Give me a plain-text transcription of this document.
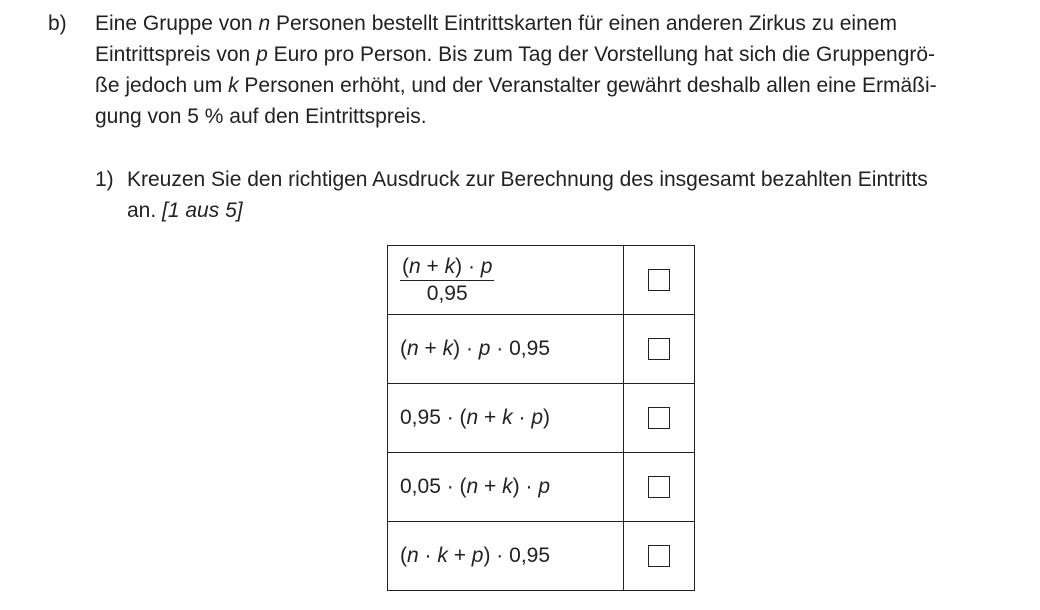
b) Eine Gruppe von n Personen bestellt Eintrittskarten für einen anderen Zirkus zu einem
Eintrittspreis von p Euro pro Person. Bis zum Tag der Vorstellung hat sich die Gruppengrö-
ße jedoch um k Personen erhöht, und der Veranstalter gewährt deshalb allen eine Ermäßi-
gung von 5 % auf den Eintrittspreis.
1) Kreuzen Sie den richtigen Ausdruck zur Berechnung des insgesamt bezahlten Eintritts
an. [1 aus 5]
$\frac{(n + k) \cdot p}{0,95}$

(n + k) · p · 0,95	
0,95 · (n + k · p)	
0,05 · (n + k) · p	
(n · k + p) · 0,95	
